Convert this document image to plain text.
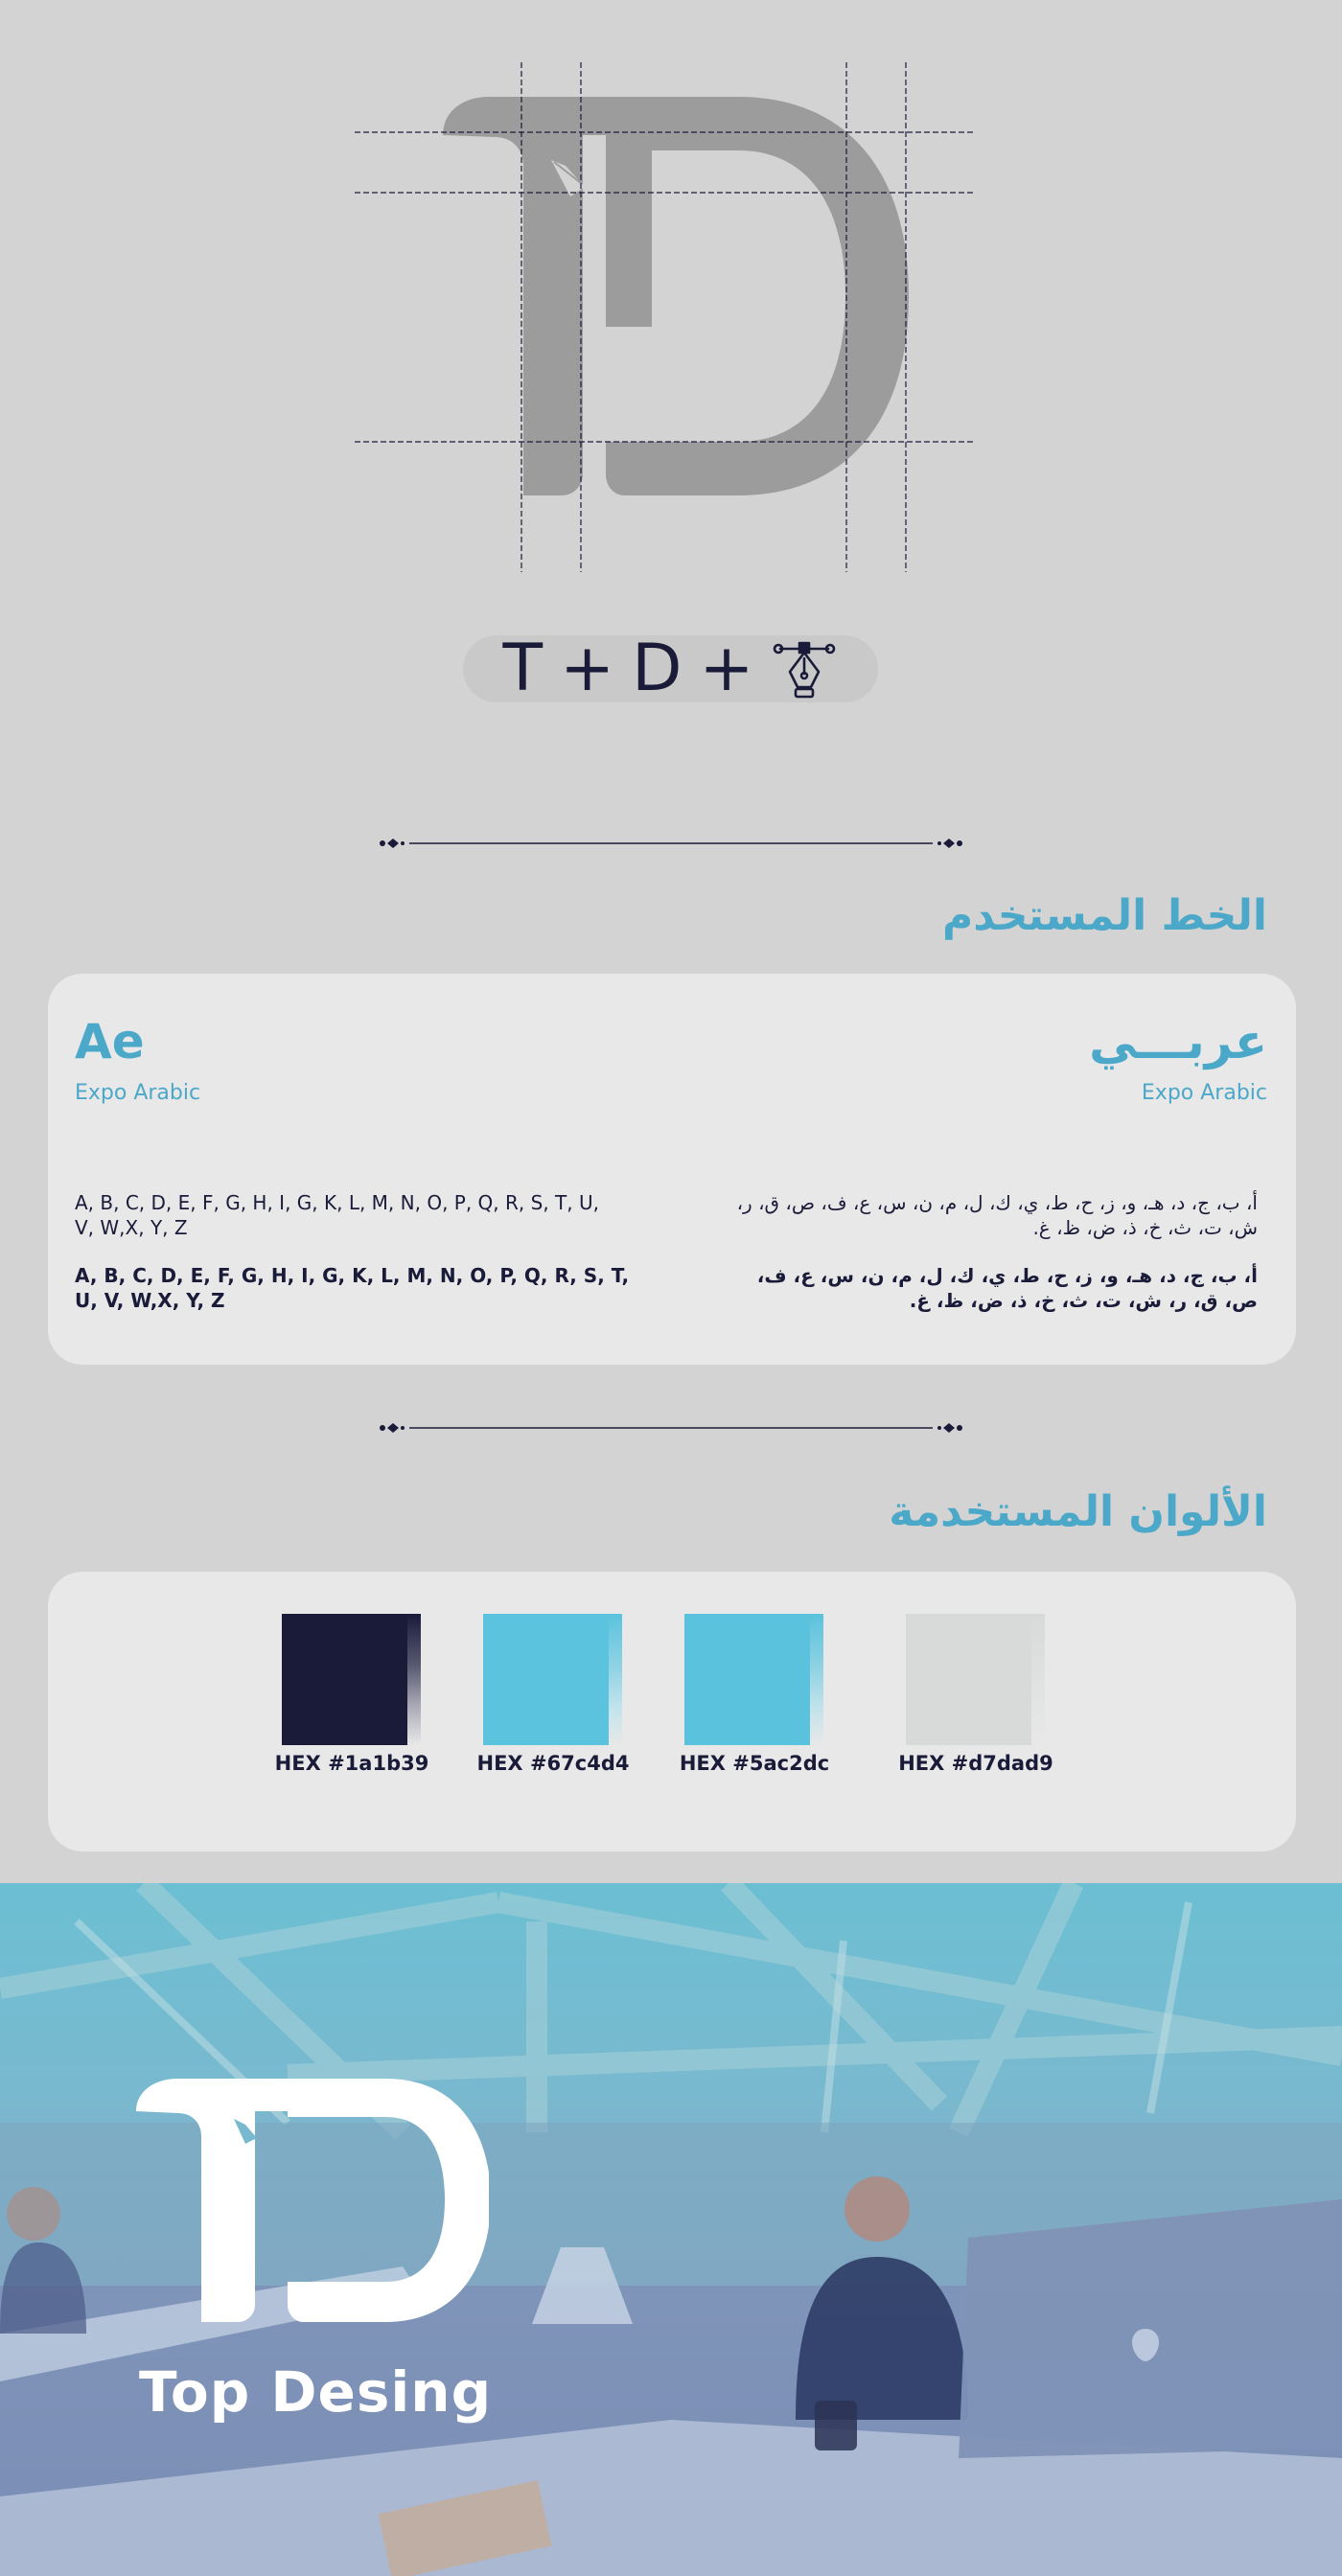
T + D +
الخط المستخدم
Ae
Expo Arabic
عربـــي
Expo Arabic
A, B, C, D, E, F, G, H, I, G, K, L, M, N, O, P, Q, R, S, T, U, V, W,X, Y, Z
A, B, C, D, E, F, G, H, I, G, K, L, M, N, O, P, Q, R, S, T, U, V, W,X, Y, Z
أ، ب، ج، د، هـ، و، ز، ح، ط، ي، ك، ل، م، ن، س، ع، ف، ص، ق، ر، ش، ت، ث، خ، ذ، ض، ظ، غ.
أ، ب، ج، د، هـ، و، ز، ح، ط، ي، ك، ل، م، ن، س، ع، ف، ص، ق، ر، ش، ت، ث، خ، ذ، ض، ظ، غ.
الألوان المستخدمة
HEX #1a1b39 HEX #67c4d4	HEX #5ac2dc	HEX #d7dad9
Top Desing
